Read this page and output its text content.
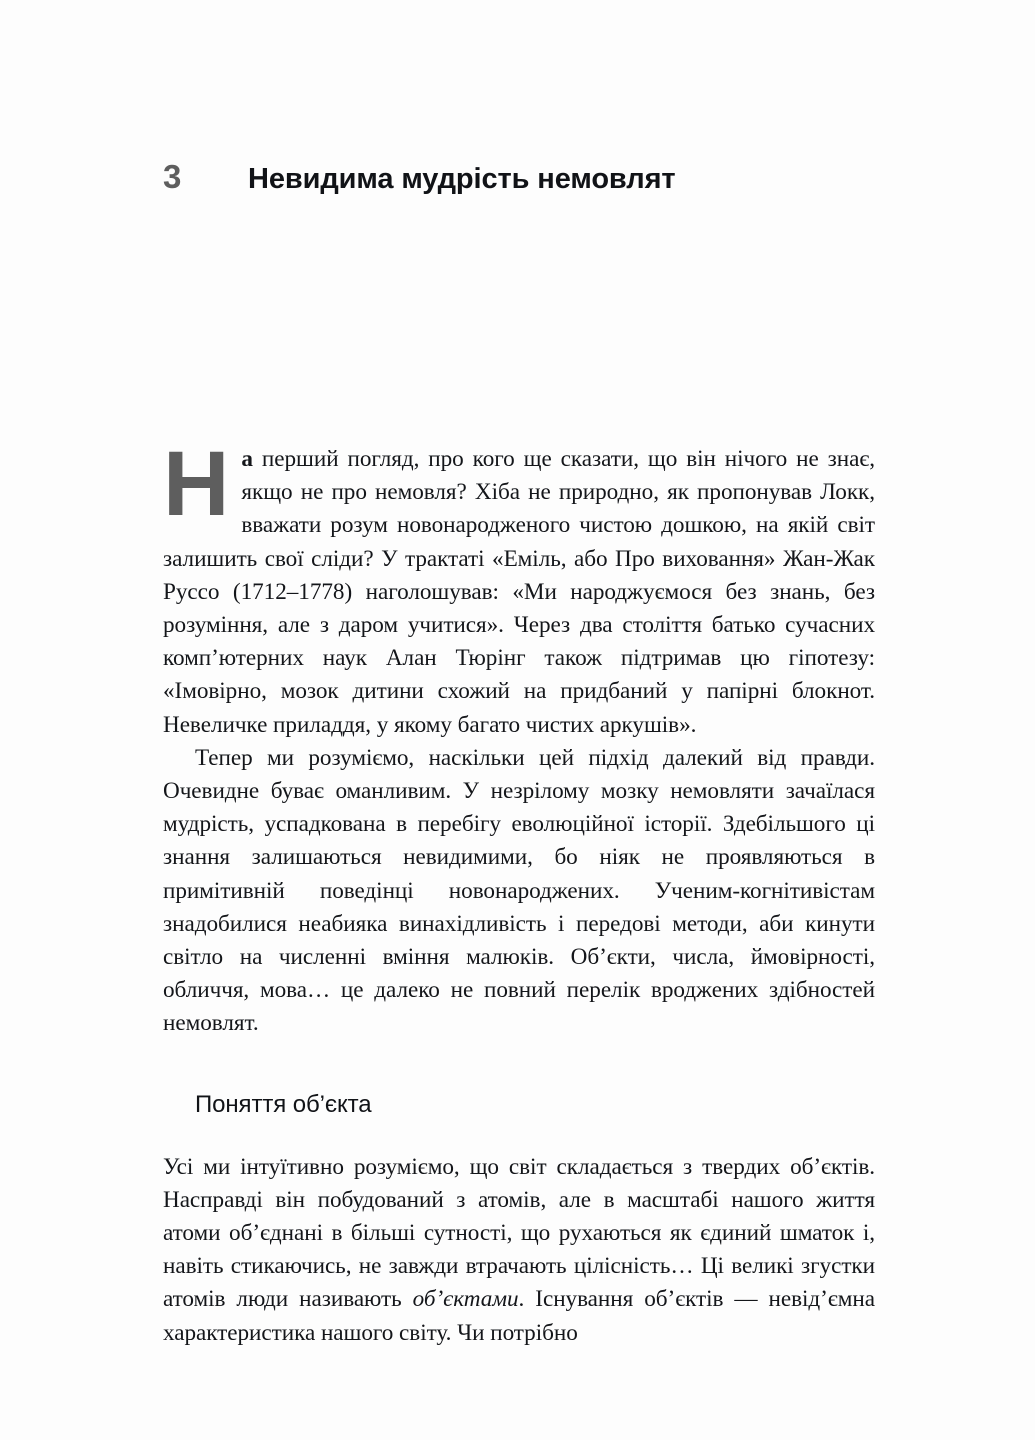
3	Невидима мудрість немовлят

На перший погляд, про кого ще сказати, що він нічого не знає, якщо не про немовля? Хіба не природно, як пропонував Локк, вважати розум новонародженого чистою дошкою, на якій світ залишить свої сліди? У трактаті «Еміль, або Про виховання» Жан-Жак Руссо (1712–1778) наголошував: «Ми народжуємося без знань, без розуміння, але з даром учитися». Через два століття батько сучасних комп’ютерних наук Алан Тюрінг також підтримав цю гіпотезу: «Імовірно, мозок дитини схожий на придбаний у папірні блокнот. Невеличке приладдя, у якому багато чистих аркушів».

Тепер ми розуміємо, наскільки цей підхід далекий від правди. Очевидне буває оманливим. У незрілому мозку немовляти зачаїлася мудрість, успадкована в перебігу еволюційної історії. Здебільшого ці знання залишаються невидимими, бо ніяк не проявляються в примітивній поведінці новонароджених. Ученим-когнітивістам знадобилися неабияка винахідливість і передові методи, аби кинути світло на численні вміння малюків. Об’єкти, числа, ймовірності, обличчя, мова… це далеко не повний перелік вроджених здібностей немовлят.

Поняття об’єкта

Усі ми інтуїтивно розуміємо, що світ складається з твердих об’єктів. Насправді він побудований з атомів, але в масштабі нашого життя атоми об’єднані в більші сутності, що рухаються як єдиний шматок і, навіть стикаючись, не завжди втрачають цілісність… Ці великі згустки атомів люди називають об’єктами. Існування об’єктів — невід’ємна характеристика нашого світу. Чи потрібно
